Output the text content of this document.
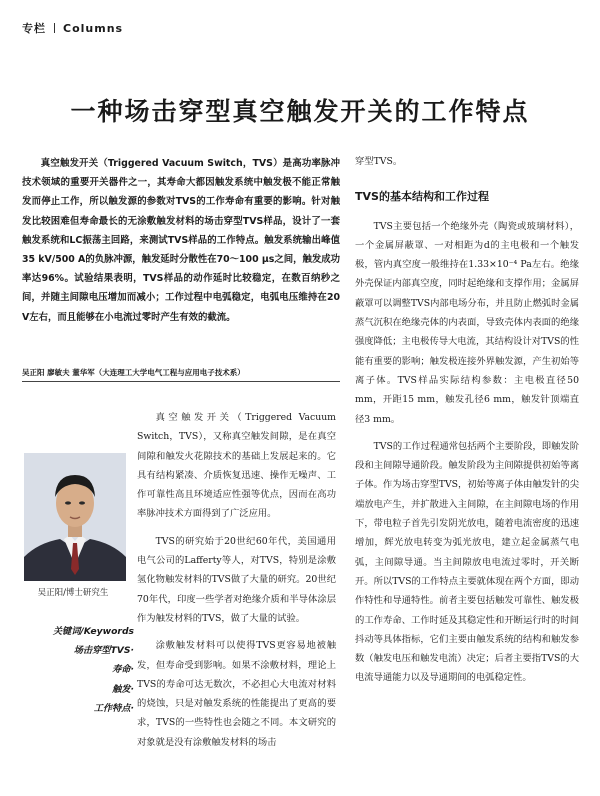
专栏 Columns
一种场击穿型真空触发开关的工作特点
真空触发开关（Triggered Vacuum Switch，TVS）是高功率脉冲技术领域的重要开关器件之一，其寿命大都因触发系统中触发极不能正常触发而停止工作，所以触发源的参数对TVS的工作寿命有重要的影响。针对触发比较困难但寿命最长的无涂敷触发材料的场击穿型TVS样品，设计了一套触发系统和LC振荡主回路，来测试TVS样品的工作特点。触发系统输出峰值35 kV/500 A的负脉冲源，触发延时分散性在70～100 μs之间，触发成功率达96%。试验结果表明，TVS样品的动作延时比较稳定，在数百纳秒之间，并随主间隙电压增加而减小；工作过程中电弧稳定，电弧电压维持在20 V左右，而且能够在小电流过零时产生有效的截流。
吴正阳 廖敏夫 董华军（大连理工大学电气工程与应用电子技术系）
吴正阳/博士研究生
关键词/Keywords
场击穿型TVS·
寿命·
触发·
工作特点·

真空触发开关（Triggered Vacuum Switch，TVS），又称真空触发间隙，是在真空间隙和触发火花隙技术的基础上发展起来的。它具有结构紧凑、介质恢复迅速、操作无噪声、工作可靠性高且环境适应性强等优点，因而在高功率脉冲技术方面得到了广泛应用。

TVS的研究始于20世纪60年代，美国通用电气公司的Lafferty等人，对TVS，特别是涂敷氢化物触发材料的TVS做了大量的研究。20世纪70年代，印度一些学者对绝缘介质和半导体涂层作为触发材料的TVS，做了大量的试验。

涂敷触发材料可以使得TVS更容易地被触发，但寿命受到影响。如果不涂敷材料，理论上TVS的寿命可达无数次，不必担心大电流对材料的烧蚀，只是对触发系统的性能提出了更高的要求，TVS的一些特性也会随之不同。本文研究的对象就是没有涂敷触发材料的场击

穿型TVS。

TVS的基本结构和工作过程

TVS主要包括一个绝缘外壳（陶瓷或玻璃材料），一个金属屏蔽罩、一对相距为d的主电极和一个触发极，管内真空度一般维持在1.33×10⁻⁴ Pa左右。绝缘外壳保证内部真空度，同时起绝缘和支撑作用；金属屏蔽罩可以调整TVS内部电场分布，并且防止燃弧时金属蒸气沉积在绝缘壳体的内表面，导致壳体内表面的绝缘强度降低；主电极传导大电流，其结构设计对TVS的性能有重要的影响；触发极连接外界触发源，产生初始等离子体。TVS样品实际结构参数：主电极直径50 mm，开距15 mm，触发孔径6 mm，触发针顶端直径3 mm。

TVS的工作过程通常包括两个主要阶段，即触发阶段和主间隙导通阶段。触发阶段为主间隙提供初始等离子体。作为场击穿型TVS，初始等离子体由触发针的尖端放电产生，并扩散进入主间隙，在主间隙电场的作用下，带电粒子首先引发阴光放电，随着电流密度的迅速增加，辉光放电转变为弧光放电，建立起金属蒸气电弧，主间隙导通。当主间隙放电电流过零时，开关断开。所以TVS的工作特点主要就体现在两个方面，即动作特性和导通特性。前者主要包括触发可靠性、触发极的工作寿命、工作时延及其稳定性和开断运行时的时间抖动等具体指标，它们主要由触发系统的结构和触发参数（触发电压和触发电流）决定；后者主要指TVS的大电流导通能力以及导通期间的电弧稳定性。
